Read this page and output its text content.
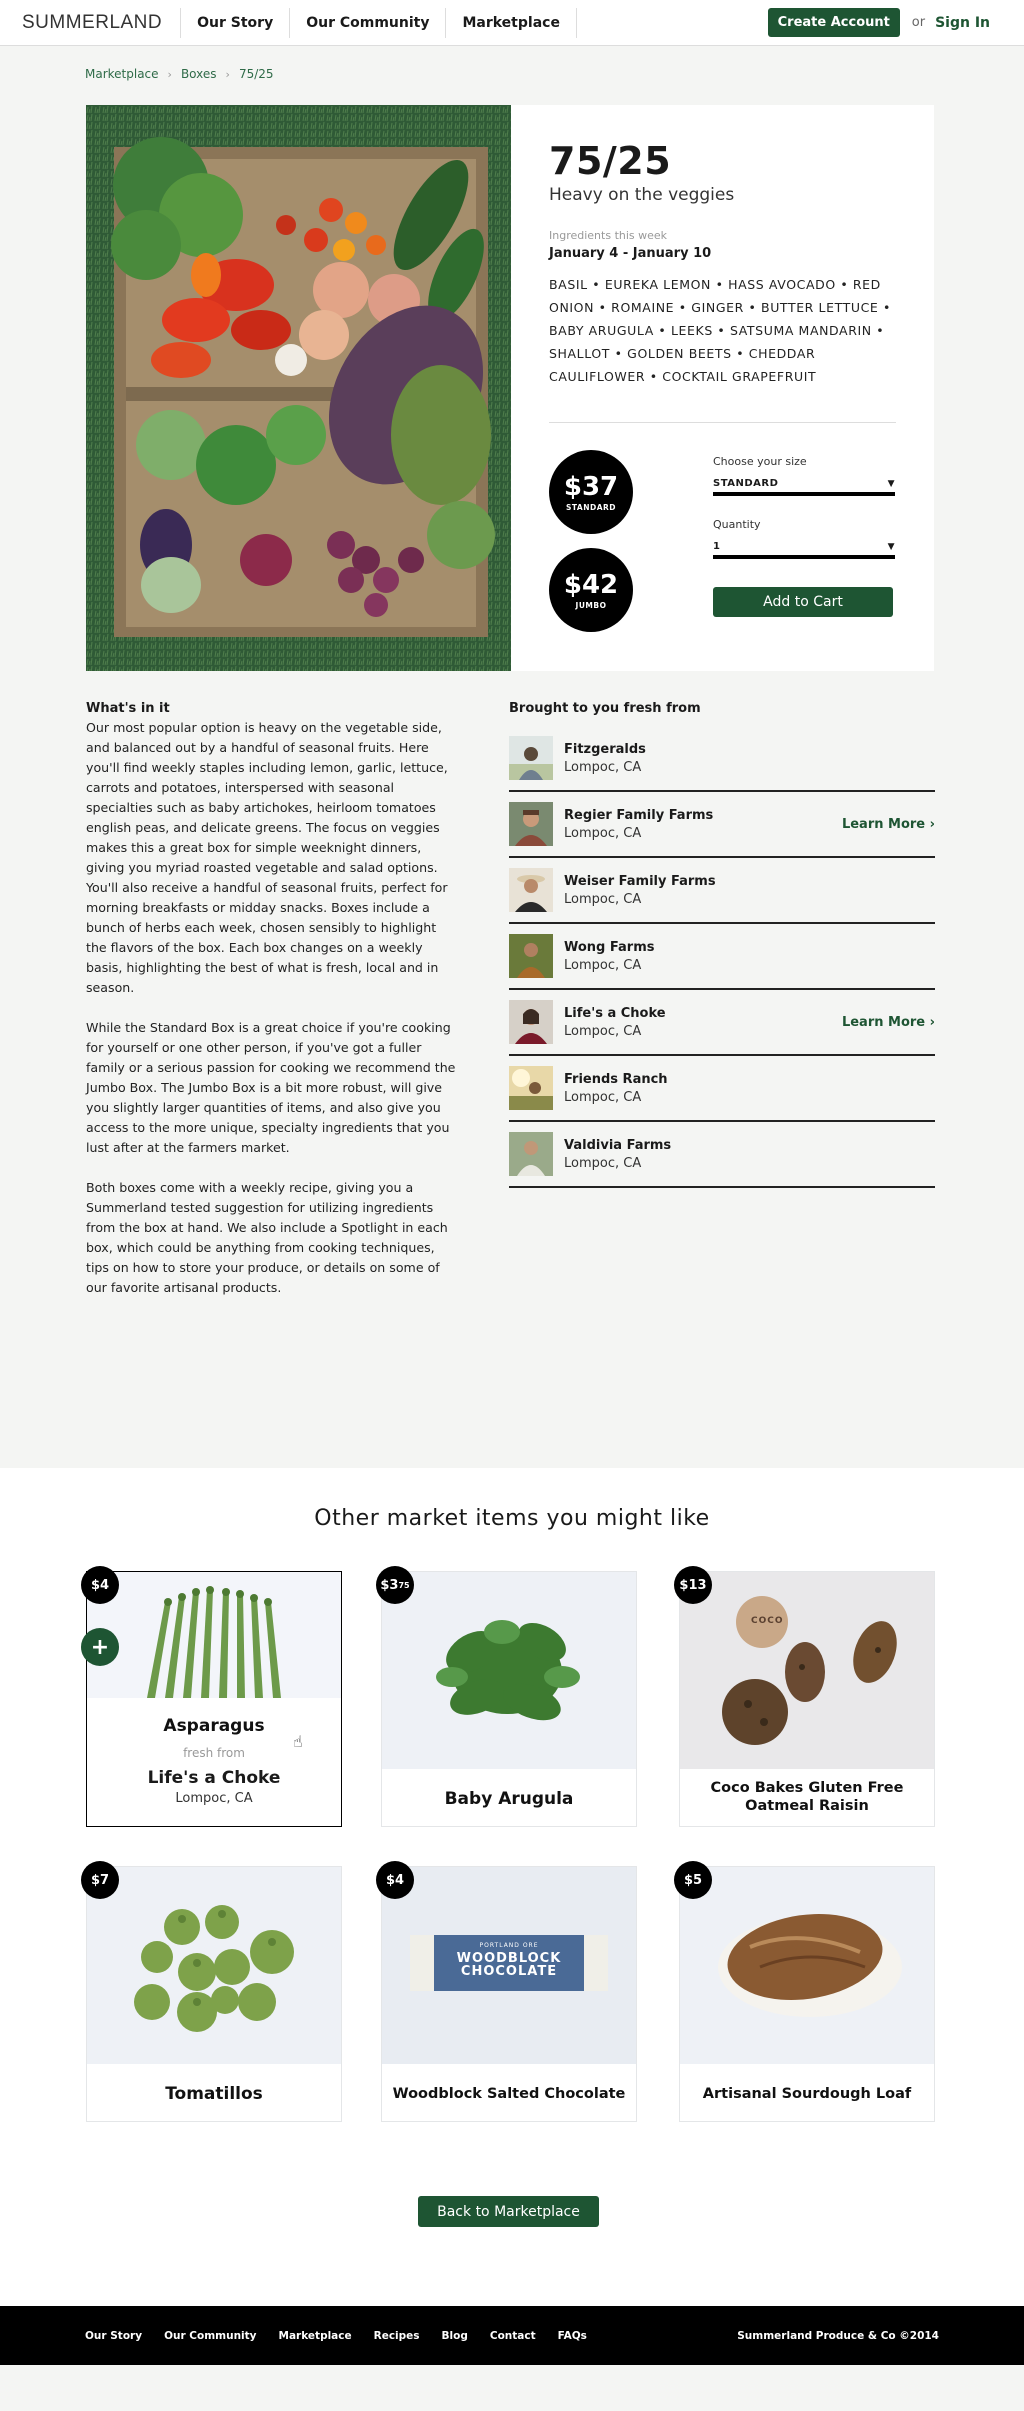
SUMMERLAND	Our Story	Our Community	Marketplace	Create Account	or Sign In
Marketplace › Boxes › 75/25
75/25
Heavy on the veggies
Ingredients this week
January 4 - January 10
BASIL • EUREKA LEMON • HASS AVOCADO • RED ONION • ROMAINE • GINGER • BUTTER LETTUCE • BABY ARUGULA • LEEKS • SATSUMA MANDARIN • SHALLOT • GOLDEN BEETS • CHEDDAR CAULIFLOWER • COCKTAIL GRAPEFRUIT
$37
STANDARD
$42
JUMBO
Choose your size
STANDARD	▼
Quantity
1	▼
Add to Cart
What's in it

Our most popular option is heavy on the vegetable side, and balanced out by a handful of seasonal fruits. Here you'll find weekly staples including lemon, garlic, lettuce, carrots and potatoes, interspersed with seasonal specialties such as baby artichokes, heirloom tomatoes english peas, and delicate greens. The focus on veggies makes this a great box for simple weeknight dinners, giving you myriad roasted vegetable and salad options. You'll also receive a handful of seasonal fruits, perfect for morning breakfasts or midday snacks. Boxes include a bunch of herbs each week, chosen sensibly to highlight the flavors of the box. Each box changes on a weekly basis, highlighting the best of what is fresh, local and in season.

While the Standard Box is a great choice if you're cooking for yourself or one other person, if you've got a fuller family or a serious passion for cooking we recommend the Jumbo Box. The Jumbo Box is a bit more robust, will give you slightly larger quantities of items, and also give you access to the more unique, specialty ingredients that you lust after at the farmers market.

Both boxes come with a weekly recipe, giving you a Summerland tested suggestion for utilizing ingredients from the box at hand. We also include a Spotlight in each box, which could be anything from cooking techniques, tips on how to store your produce, or details on some of our favorite artisanal products.

Brought to you fresh from
Fitzgeralds
Lompoc, CA
Regier Family Farms
Lompoc, CA
Learn More ›
Weiser Family Farms
Lompoc, CA
Wong Farms
Lompoc, CA
Life's a Choke
Lompoc, CA
Learn More ›
Friends Ranch
Lompoc, CA
Valdivia Farms
Lompoc, CA
Other market items you might like
$4
+
Asparagus
fresh from
Life's a Choke
Lompoc, CA
☝
$3 75
Baby Arugula
COCO
$13
Coco Bakes Gluten Free Oatmeal Raisin
$7
Tomatillos
PORTLAND ORE
WOODBLOCK
CHOCOLATE
$4
Woodblock Salted Chocolate
$5
Artisanal Sourdough Loaf
Back to Marketplace
Our Story Our Community Marketplace Recipes Blog Contact FAQs	Summerland Produce & Co ©2014
